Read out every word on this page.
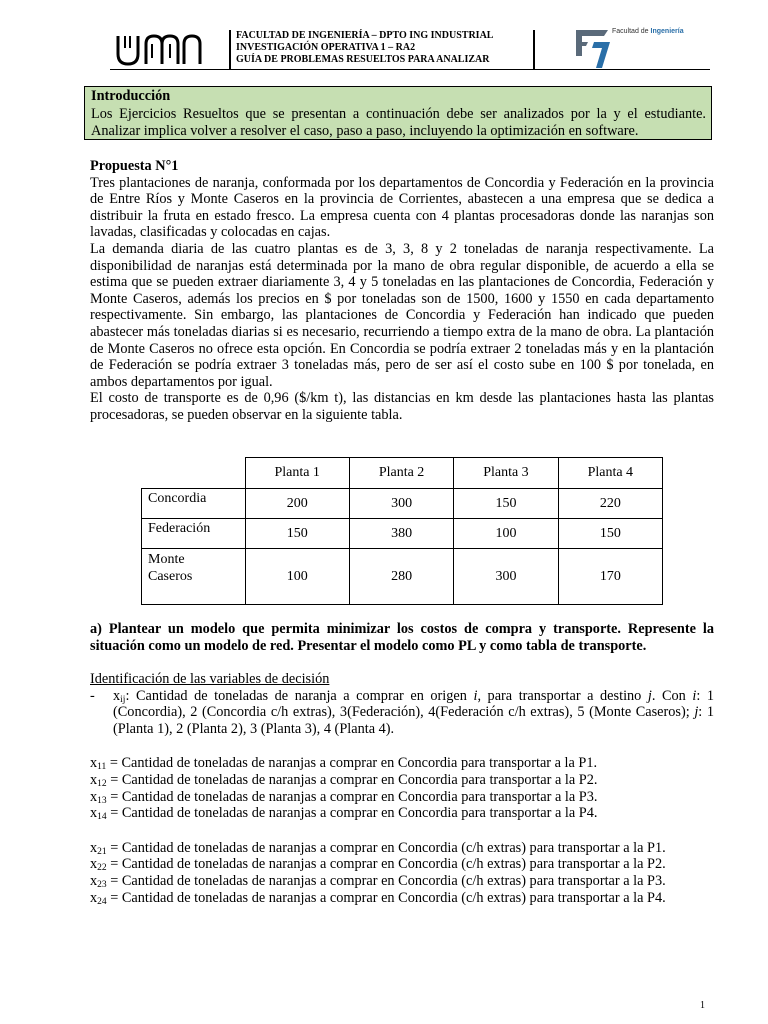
um	FACULTAD DE INGENIERÍA – DPTO ING INDUSTRIAL
INVESTIGACIÓN OPERATIVA 1 – RA2
GUÍA DE PROBLEMAS RESUELTOS PARA ANALIZAR
Facultad de Ingeniería
Introducción
Los Ejercicios Resueltos que se presentan a continuación debe ser analizados por la y el estudiante. Analizar implica volver a resolver el caso, paso a paso, incluyendo la optimización en software.

Propuesta N°1

Tres plantaciones de naranja, conformada por los departamentos de Concordia y Federación en la provincia de Entre Ríos y Monte Caseros en la provincia de Corrientes, abastecen a una empresa que se dedica a distribuir la fruta en estado fresco. La empresa cuenta con 4 plantas procesadoras donde las naranjas son lavadas, clasificadas y colocadas en cajas.

La demanda diaria de las cuatro plantas es de 3, 3, 8 y 2 toneladas de naranja respectivamente. La disponibilidad de naranjas está determinada por la mano de obra regular disponible, de acuerdo a ella se estima que se pueden extraer diariamente 3, 4 y 5 toneladas en las plantaciones de Concordia, Federación y Monte Caseros, además los precios en $ por toneladas son de 1500, 1600 y 1550 en cada departamento respectivamente. Sin embargo, las plantaciones de Concordia y Federación han indicado que pueden abastecer más toneladas diarias si es necesario, recurriendo a tiempo extra de la mano de obra. La plantación de Monte Caseros no ofrece esta opción. En Concordia se podría extraer 2 toneladas más y en la plantación de Federación se podría extraer 3 toneladas más, pero de ser así el costo sube en 100 $ por tonelada, en ambos departamentos por igual.

El costo de transporte es de 0,96 ($/km t), las distancias en km desde las plantaciones hasta las plantas procesadoras, se pueden observar en la siguiente tabla.

	Planta 1	Planta 2	Planta 3	Planta 4
Concordia	200	300	150	220
Federación	150	380	100	150
Monte Caseros	100	280	300	170
a) Plantear un modelo que permita minimizar los costos de compra y transporte. Represente la situación como un modelo de red. Presentar el modelo como PL y como tabla de transporte.

Identificación de las variables de decisión

-	$x_{ij}$: Cantidad de toneladas de naranja a comprar en origen i, para transportar a destino j. Con i: 1 (Concordia), 2 (Concordia c/h extras), 3(Federación), 4(Federación c/h extras), 5 (Monte Caseros); j: 1 (Planta 1), 2 (Planta 2), 3 (Planta 3), 4 (Planta 4).
$x_{11}$ = Cantidad de toneladas de naranjas a comprar en Concordia para transportar a la P1.
$x_{12}$ = Cantidad de toneladas de naranjas a comprar en Concordia para transportar a la P2.
$x_{13}$ = Cantidad de toneladas de naranjas a comprar en Concordia para transportar a la P3.
$x_{14}$ = Cantidad de toneladas de naranjas a comprar en Concordia para transportar a la P4.
$x_{21}$ = Cantidad de toneladas de naranjas a comprar en Concordia (c/h extras) para transportar a la P1.
$x_{22}$ = Cantidad de toneladas de naranjas a comprar en Concordia (c/h extras) para transportar a la P2.
$x_{23}$ = Cantidad de toneladas de naranjas a comprar en Concordia (c/h extras) para transportar a la P3.
$x_{24}$ = Cantidad de toneladas de naranjas a comprar en Concordia (c/h extras) para transportar a la P4.
1
